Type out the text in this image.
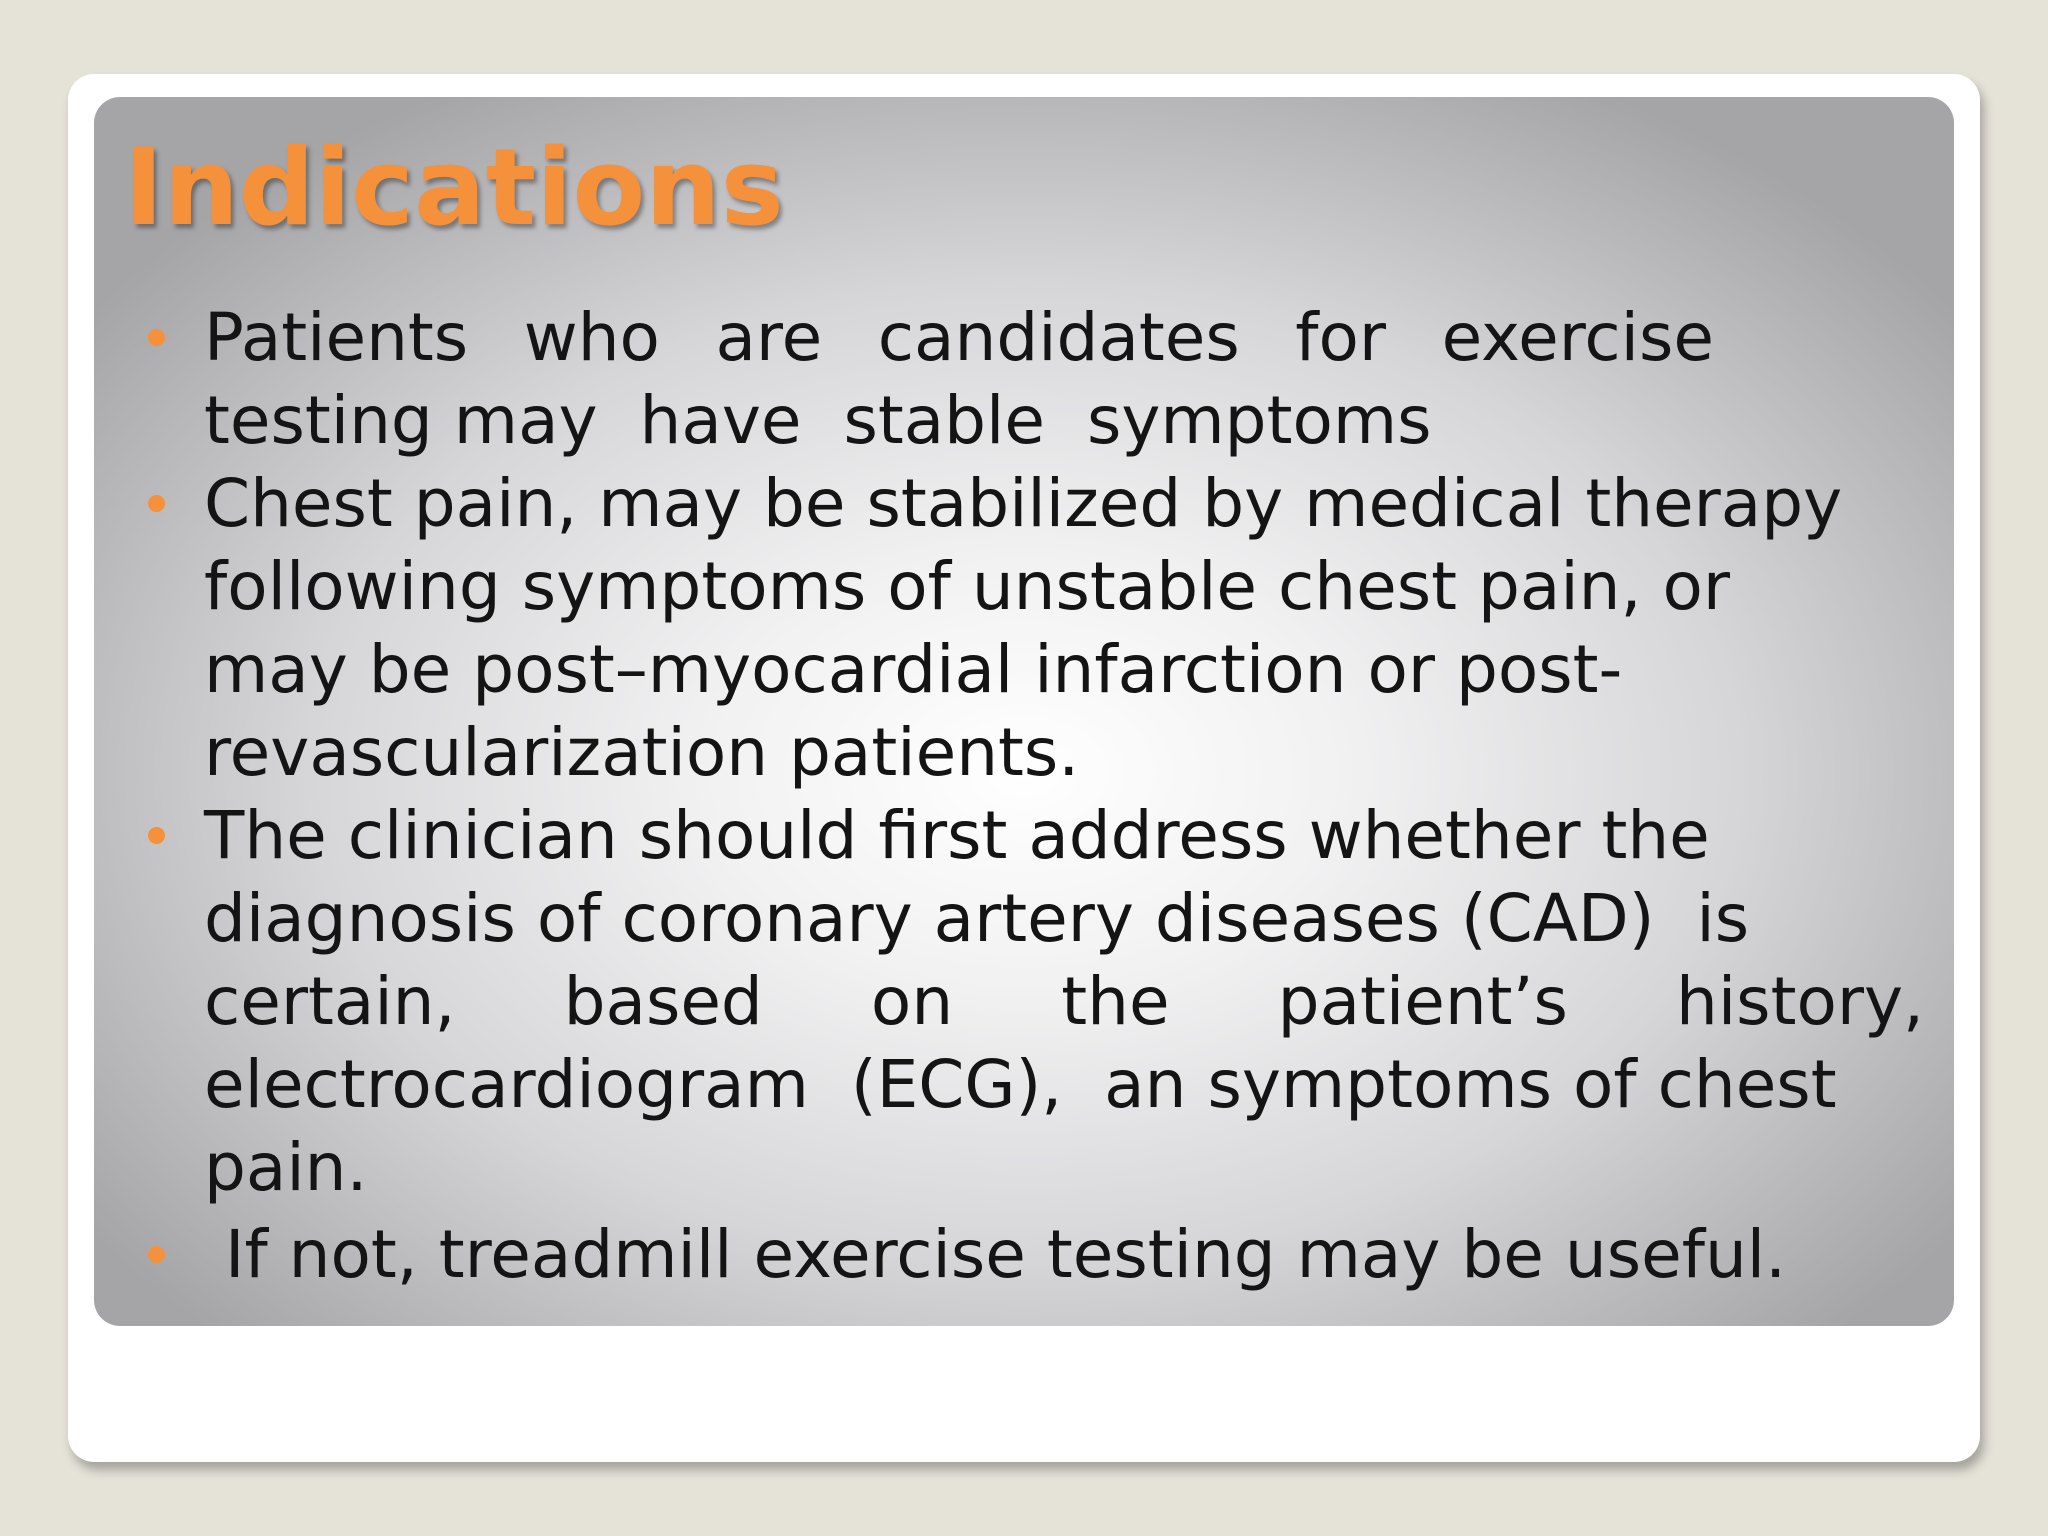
Indications
Patients who are candidates for exercise
testing may  have  stable  symptoms
Chest pain, may be stabilized by medical therapy
following symptoms of unstable chest pain, or
may be post–myocardial infarction or post-
revascularization patients.
The clinician should first address whether the
diagnosis of coronary artery diseases (CAD)  is
certain, based on the patient’s history,
electrocardiogram  (ECG),  an symptoms of chest
pain.
If not, treadmill exercise testing may be useful.
